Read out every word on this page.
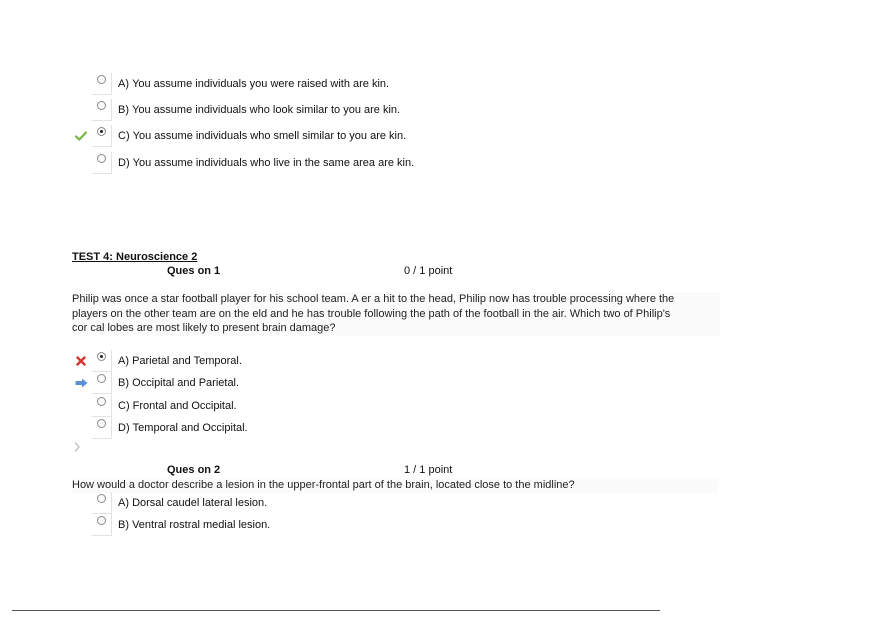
A) You assume individuals you were raised with are kin.
B) You assume individuals who look similar to you are kin.
C) You assume individuals who smell similar to you are kin.
D) You assume individuals who live in the same area are kin.
TEST 4: Neuroscience 2
Ques on 1	0 / 1 point
Philip was once a star football player for his school team. A er a hit to the head, Philip now has trouble processing where the
players on the other team are on the eld and he has trouble following the path of the football in the air. Which two of Philip's
cor cal lobes are most likely to present brain damage?
A) Parietal and Temporal.
B) Occipital and Parietal.
C) Frontal and Occipital.
D) Temporal and Occipital.
Ques on 2	1 / 1 point
How would a doctor describe a lesion in the upper-frontal part of the brain, located close to the midline?
A) Dorsal caudel lateral lesion.
B) Ventral rostral medial lesion.
